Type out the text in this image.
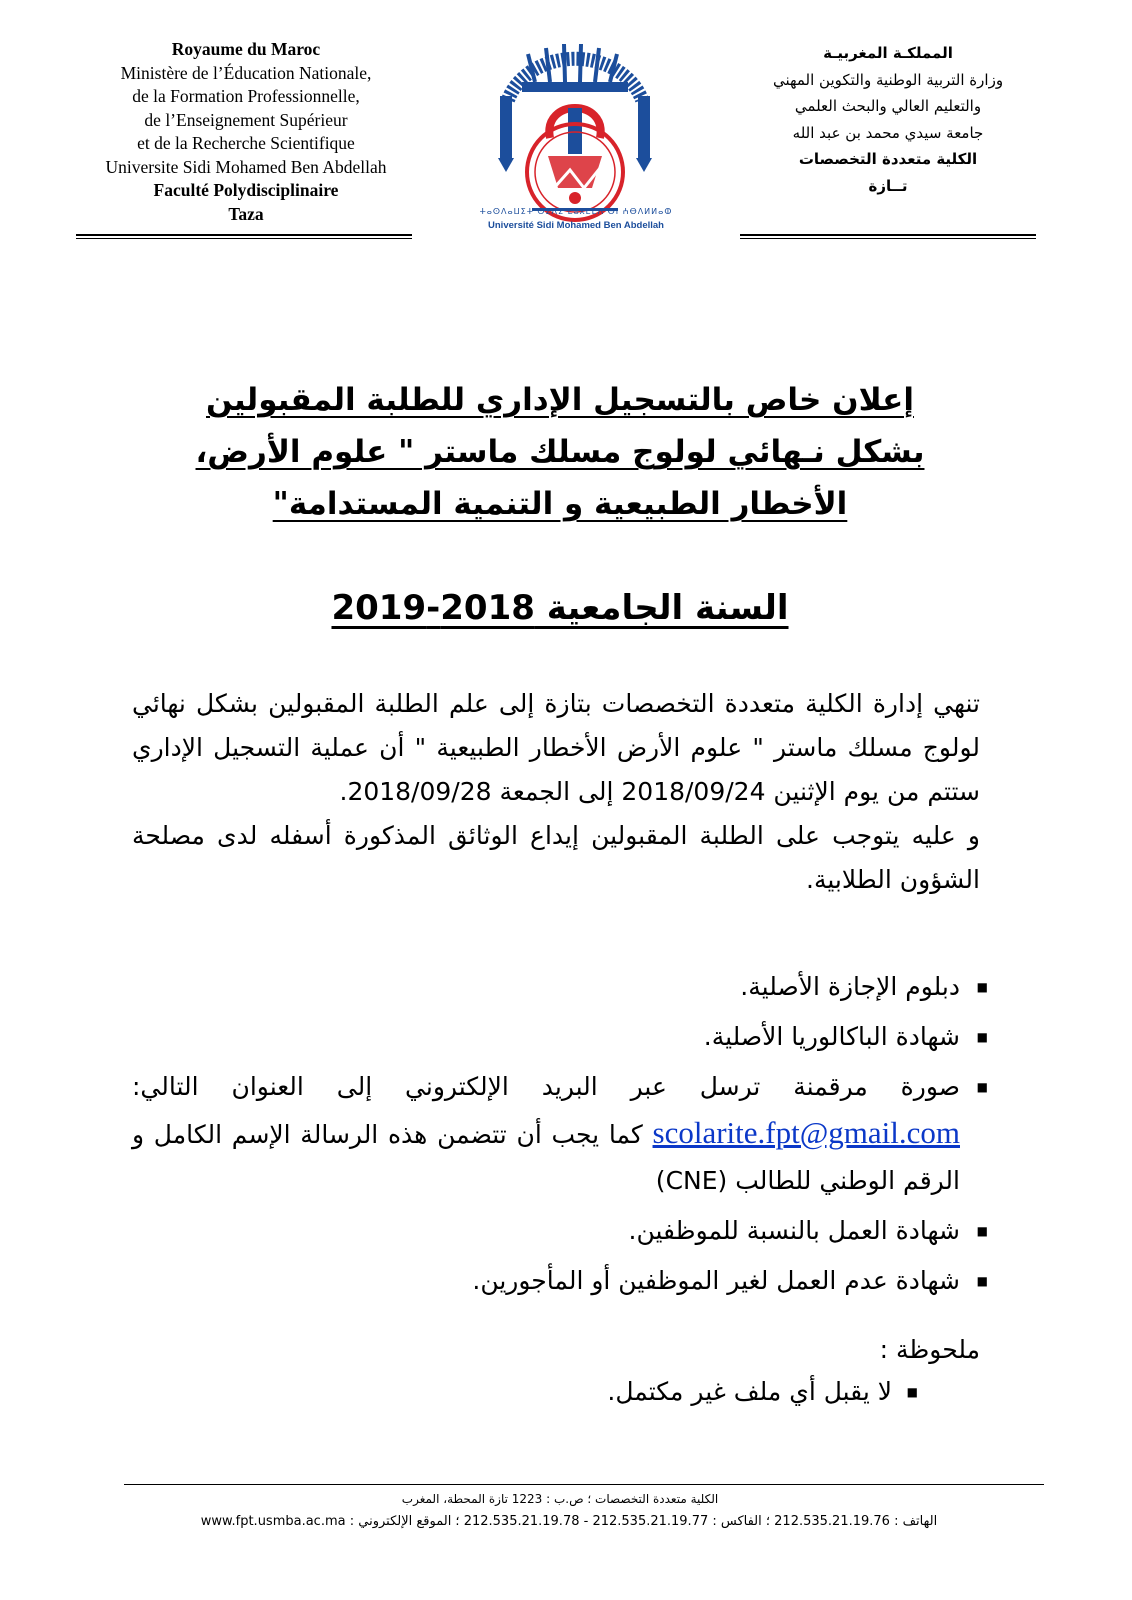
Royaume du Maroc
Ministère de l’Éducation Nationale,
de la Formation Professionnelle,
de l’Enseignement Supérieur
et de la Recherche Scientifique
Universite Sidi Mohamed Ben Abdellah
Faculté Polydisciplinaire
Taza	ⵜⴰⵙⴷⴰⵡⵉⵜ ⵙⵉⴷⵉ ⵎⵓⵃⵎⵎⴷ ⴱⵏ ⵄⴱⴷⵍⵍⴰⵀ
Université Sidi Mohamed Ben Abdellah
المملكـة المغربيـة
وزارة التربية الوطنية والتكوين المهني
والتعليم العالي والبحث العلمي
جامعة سيدي محمد بن عبد الله
الكلية متعددة التخصصات
تــازة
إعلان خاص بالتسجيل الإداري للطلبة المقبولين
بشكل نـهائي لولوج مسلك ماستر " علوم الأرض،
الأخطار الطبيعية و التنمية المستدامة"
السنة الجامعية 2018-2019
تنهي إدارة الكلية متعددة التخصصات بتازة إلى علم الطلبة المقبولين بشكل نهائي لولوج مسلك ماستر " علوم الأرض الأخطار الطبيعية " أن عملية التسجيل الإداري ستتم من يوم الإثنين 2018/09/24 إلى الجمعة 2018/09/28.
و عليه يتوجب على الطلبة المقبولين إيداع الوثائق المذكورة أسفله لدى مصلحة الشؤون الطلابية.
■ دبلوم الإجازة الأصلية.
■ شهادة الباكالوريا الأصلية.
■ صورة مرقمنة ترسل عبر البريد الإلكتروني إلى العنوان التالي: scolarite.fpt@gmail.com كما يجب أن تتضمن هذه الرسالة الإسم الكامل و الرقم الوطني للطالب (CNE)
■ شهادة العمل بالنسبة للموظفين.
■ شهادة عدم العمل لغير الموظفين أو المأجورين.
ملحوظة :
■ لا يقبل أي ملف غير مكتمل.
الكلية متعددة التخصصات ؛ ص.ب : 1223 تازة المحطة، المغرب
الهاتف : 212.535.21.19.76 ؛ الفاكس : 212.535.21.19.77 - 212.535.21.19.78 ؛ الموقع الإلكتروني : www.fpt.usmba.ac.ma
